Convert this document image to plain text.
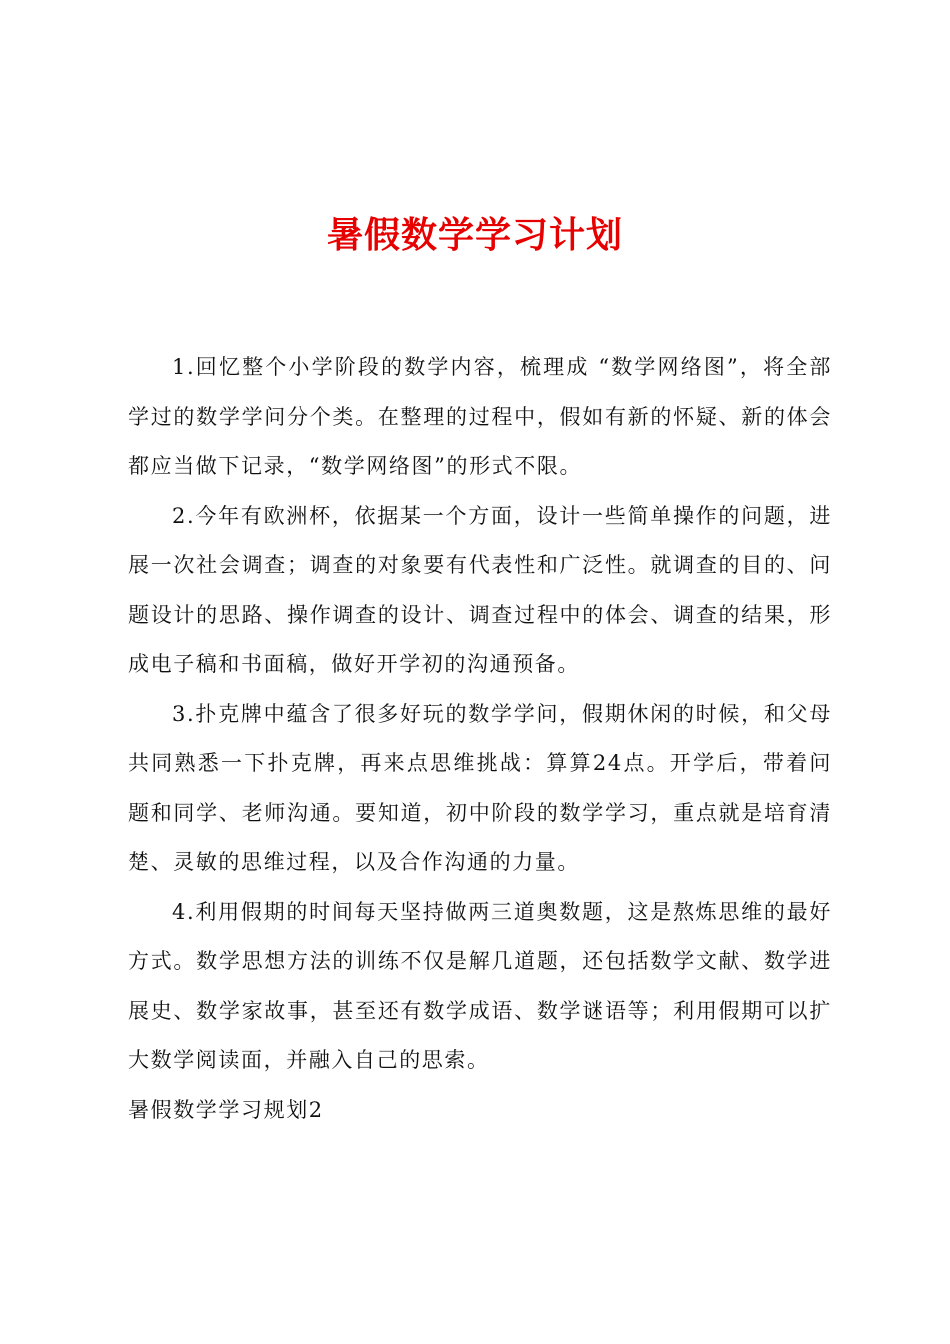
暑假数学学习计划

1.回忆整个小学阶段的数学内容，梳理成 “数学网络图”，将全部学过的数学学问分个类。在整理的过程中，假如有新的怀疑、新的体会都应当做下记录，“数学网络图”的形式不限。

2.今年有欧洲杯，依据某一个方面，设计一些简单操作的问题，进展一次社会调查；调查的对象要有代表性和广泛性。就调查的目的、问题设计的思路、操作调查的设计、调查过程中的体会、调查的结果，形成电子稿和书面稿，做好开学初的沟通预备。

3.扑克牌中蕴含了很多好玩的数学学问，假期休闲的时候，和父母共同熟悉一下扑克牌，再来点思维挑战：算算24点。开学后，带着问题和同学、老师沟通。要知道，初中阶段的数学学习，重点就是培育清楚、灵敏的思维过程，以及合作沟通的力量。

4.利用假期的时间每天坚持做两三道奥数题，这是熬炼思维的最好方式。数学思想方法的训练不仅是解几道题，还包括数学文献、数学进展史、数学家故事，甚至还有数学成语、数学谜语等；利用假期可以扩大数学阅读面，并融入自己的思索。

暑假数学学习规划2
